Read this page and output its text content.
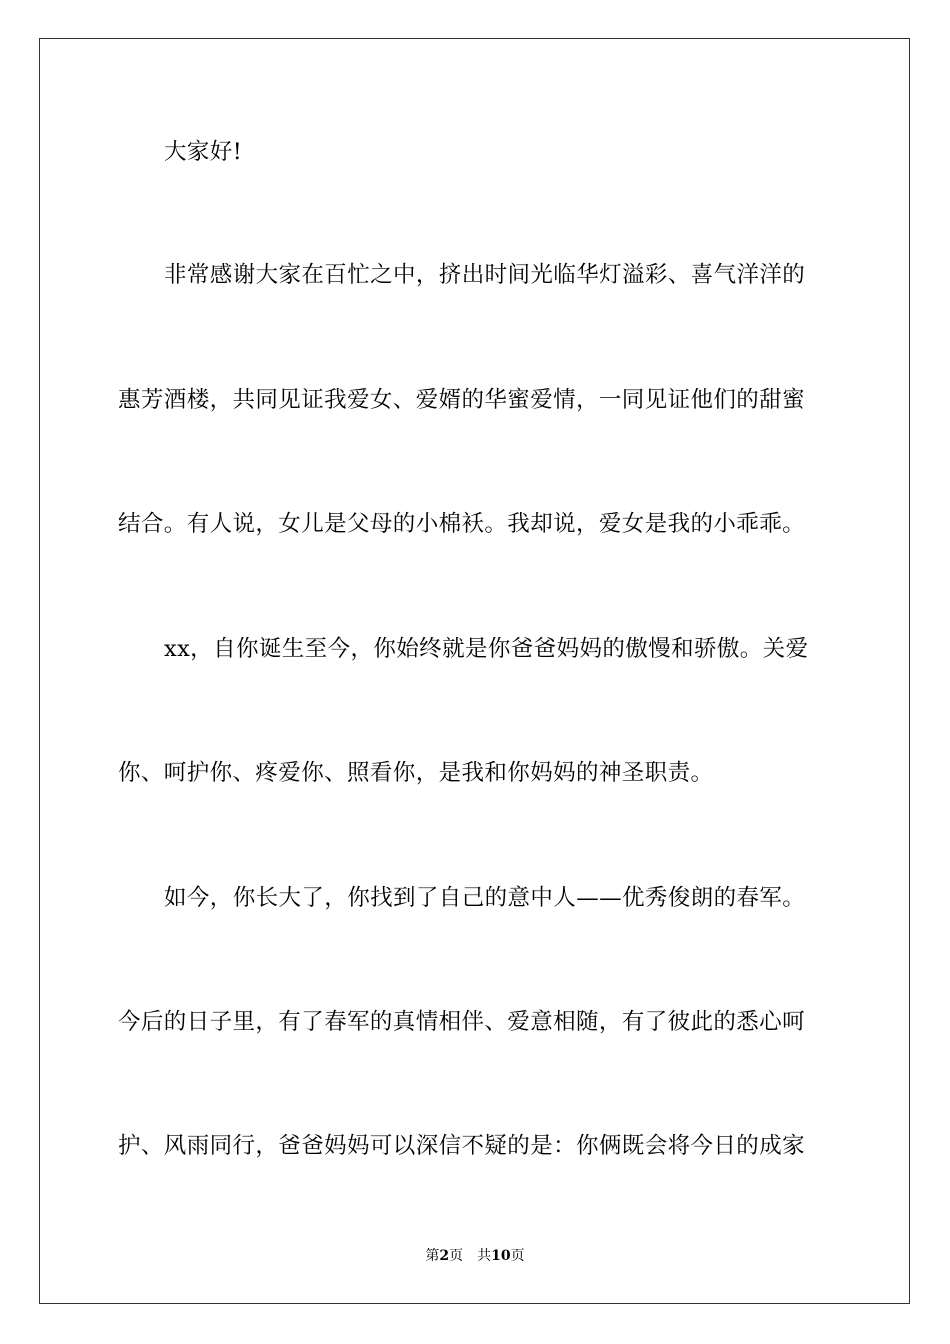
大家好!
非常感谢大家在百忙之中，挤出时间光临华灯溢彩、喜气洋洋的
惠芳酒楼，共同见证我爱女、爱婿的华蜜爱情，一同见证他们的甜蜜
结合。有人说，女儿是父母的小棉袄。我却说，爱女是我的小乖乖。
xx，自你诞生至今，你始终就是你爸爸妈妈的傲慢和骄傲。关爱
你、呵护你、疼爱你、照看你，是我和你妈妈的神圣职责。
如今，你长大了，你找到了自己的意中人——优秀俊朗的春军。
今后的日子里，有了春军的真情相伴、爱意相随，有了彼此的悉心呵
护、风雨同行，爸爸妈妈可以深信不疑的是：你俩既会将今日的成家
第2页 共10页
